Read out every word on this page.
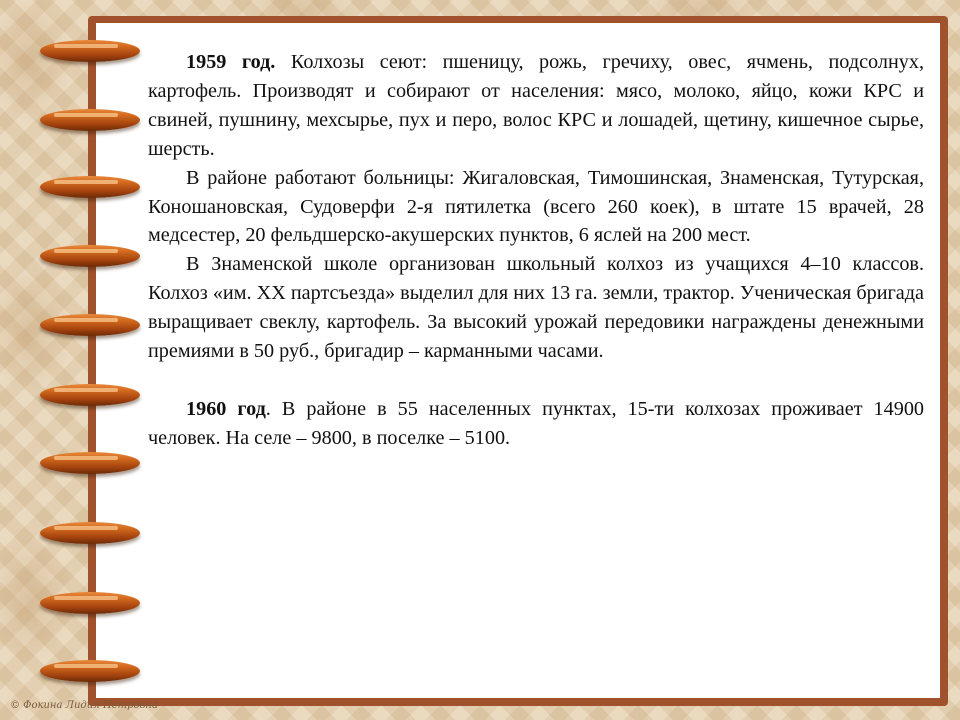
1959 год. Колхозы сеют: пшеницу, рожь, гречиху, овес, ячмень, подсолнух, картофель. Производят и собирают от населения: мясо, молоко, яйцо, кожи КРС и свиней, пушнину, мехсырье, пух и перо, волос КРС и лошадей, щетину, кишечное сырье, шерсть.

В районе работают больницы: Жигаловская, Тимошинская, Знаменская, Тутурская, Коношановская, Судоверфи 2-я пятилетка (всего 260 коек), в штате 15 врачей, 28 медсестер, 20 фельдшерско-акушерских пунктов, 6 яслей на 200 мест.

В Знаменской школе организован школьный колхоз из учащихся 4–10 классов. Колхоз «им. XX партсъезда» выделил для них 13 га. земли, трактор. Ученическая бригада выращивает свеклу, картофель. За высокий урожай передовики награждены денежными премиями в 50 руб., бригадир – карманными часами.

1960 год. В районе в 55 населенных пунктах, 15-ти колхозах проживает 14900 человек. На селе – 9800, в поселке – 5100.

© Фокина Лидия Петровна
